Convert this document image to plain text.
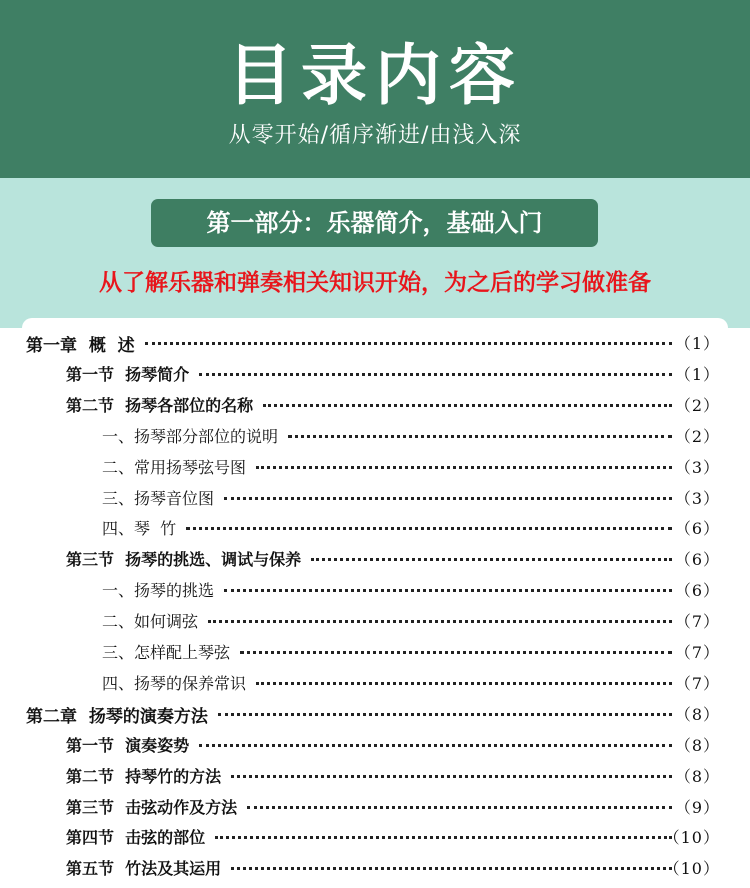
目录内容
从零开始/循序渐进/由浅入深
第一部分：乐器简介，基础入门
从了解乐器和弹奏相关知识开始，为之后的学习做准备
第一章  概  述	（1）
第一节  扬琴简介	（1）
第二节  扬琴各部位的名称	（2）
一、扬琴部分部位的说明	（2）
二、常用扬琴弦号图	（3）
三、扬琴音位图	（3）
四、琴  竹	（6）
第三节  扬琴的挑选、调试与保养	（6）
一、扬琴的挑选	（6）
二、如何调弦	（7）
三、怎样配上琴弦	（7）
四、扬琴的保养常识	（7）
第二章  扬琴的演奏方法	（8）
第一节  演奏姿势	（8）
第二节  持琴竹的方法	（8）
第三节  击弦动作及方法	（9）
第四节  击弦的部位	（10）
第五节  竹法及其运用	（10）
